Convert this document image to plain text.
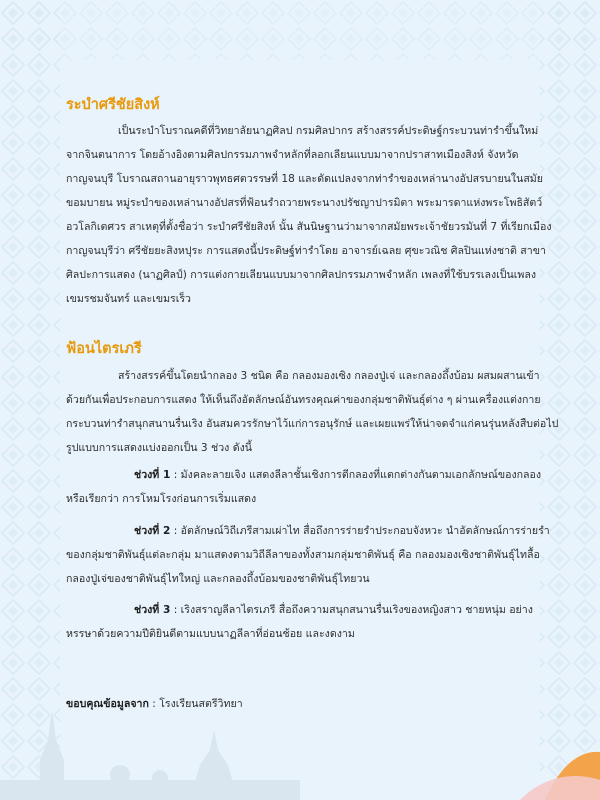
ระบำศรีชัยสิงห์
เป็นระบำโบราณคดีที่วิทยาลัยนาฏศิลป กรมศิลปากร สร้างสรรค์ประดิษฐ์กระบวนท่ารำขึ้นใหม่
จากจินตนาการ โดยอ้างอิงตามศิลปกรรมภาพจำหลักที่ลอกเลียนแบบมาจากปราสาทเมืองสิงห์ จังหวัด
กาญจนบุรี โบราณสถานอายุราวพุทธศตวรรษที่ 18 และดัดแปลงจากท่ารำของเหล่านางอัปสรบายนในสมัย
ขอมบายน หมู่ระบำของเหล่านางอัปสรที่ฟ้อนรำถวายพระนางปรัชญาปารมิตา พระมารดาแห่งพระโพธิสัตว์
อวโลกิเตศวร สาเหตุที่ตั้งชื่อว่า ระบำศรีชัยสิงห์ นั้น สันนิษฐานว่ามาจากสมัยพระเจ้าชัยวรมันที่ 7 ที่เรียกเมือง
กาญจนบุรีว่า ศรีชัยยะสิงหปุระ การแสดงนี้ประดิษฐ์ท่ารำโดย อาจารย์เฉลย ศุขะวณิช ศิลปินแห่งชาติ สาขา
ศิลปะการแสดง (นาฏศิลป์) การแต่งกายเลียนแบบมาจากศิลปกรรมภาพจำหลัก เพลงที่ใช้บรรเลงเป็นเพลง
เขมรชมจันทร์ และเขมรเร็ว
ฟ้อนไตรเภรี
สร้างสรรค์ขึ้นโดยนำกลอง 3 ชนิด คือ กลองมองเซิง กลองปู่เจ่ และกลองถึ้งบ้อม ผสมผสานเข้า
ด้วยกันเพื่อประกอบการแสดง ให้เห็นถึงอัตลักษณ์อันทรงคุณค่าของกลุ่มชาติพันธุ์ต่าง ๆ ผ่านเครื่องแต่งกาย
กระบวนท่ารำสนุกสนานรื่นเริง อันสมควรรักษาไว้แก่การอนุรักษ์ และเผยแพร่ให้น่าจดจำแก่คนรุ่นหลังสืบต่อไป
รูปแบบการแสดงแบ่งออกเป็น 3 ช่วง ดังนี้
ช่วงที่ 1 : มังคละลายเจิง แสดงลีลาชั้นเชิงการตีกลองที่แตกต่างกันตามเอกลักษณ์ของกลอง
หรือเรียกว่า การโหมโรงก่อนการเริ่มแสดง
ช่วงที่ 2 : อัตลักษณ์วิถีเภรีสามเผ่าไท สื่อถึงการร่ายรำประกอบจังหวะ นำอัตลักษณ์การร่ายรำ
ของกลุ่มชาติพันธุ์แต่ละกลุ่ม มาแสดงตามวิถีลีลาของทั้งสามกลุ่มชาติพันธุ์ คือ กลองมองเซิงชาติพันธุ์ไทลื้อ
กลองปู่เจ่ของชาติพันธุ์ไทใหญ่ และกลองถึ้งบ้อมของชาติพันธุ์ไทยวน
ช่วงที่ 3 : เริงสราญลีลาไตรเภรี สื่อถึงความสนุกสนานรื่นเริงของหญิงสาว ชายหนุ่ม อย่าง
หรรษาด้วยความปีติยินดีตามแบบนาฏลีลาที่อ่อนช้อย และงดงาม
ขอบคุณข้อมูลจาก : โรงเรียนสตรีวิทยา
